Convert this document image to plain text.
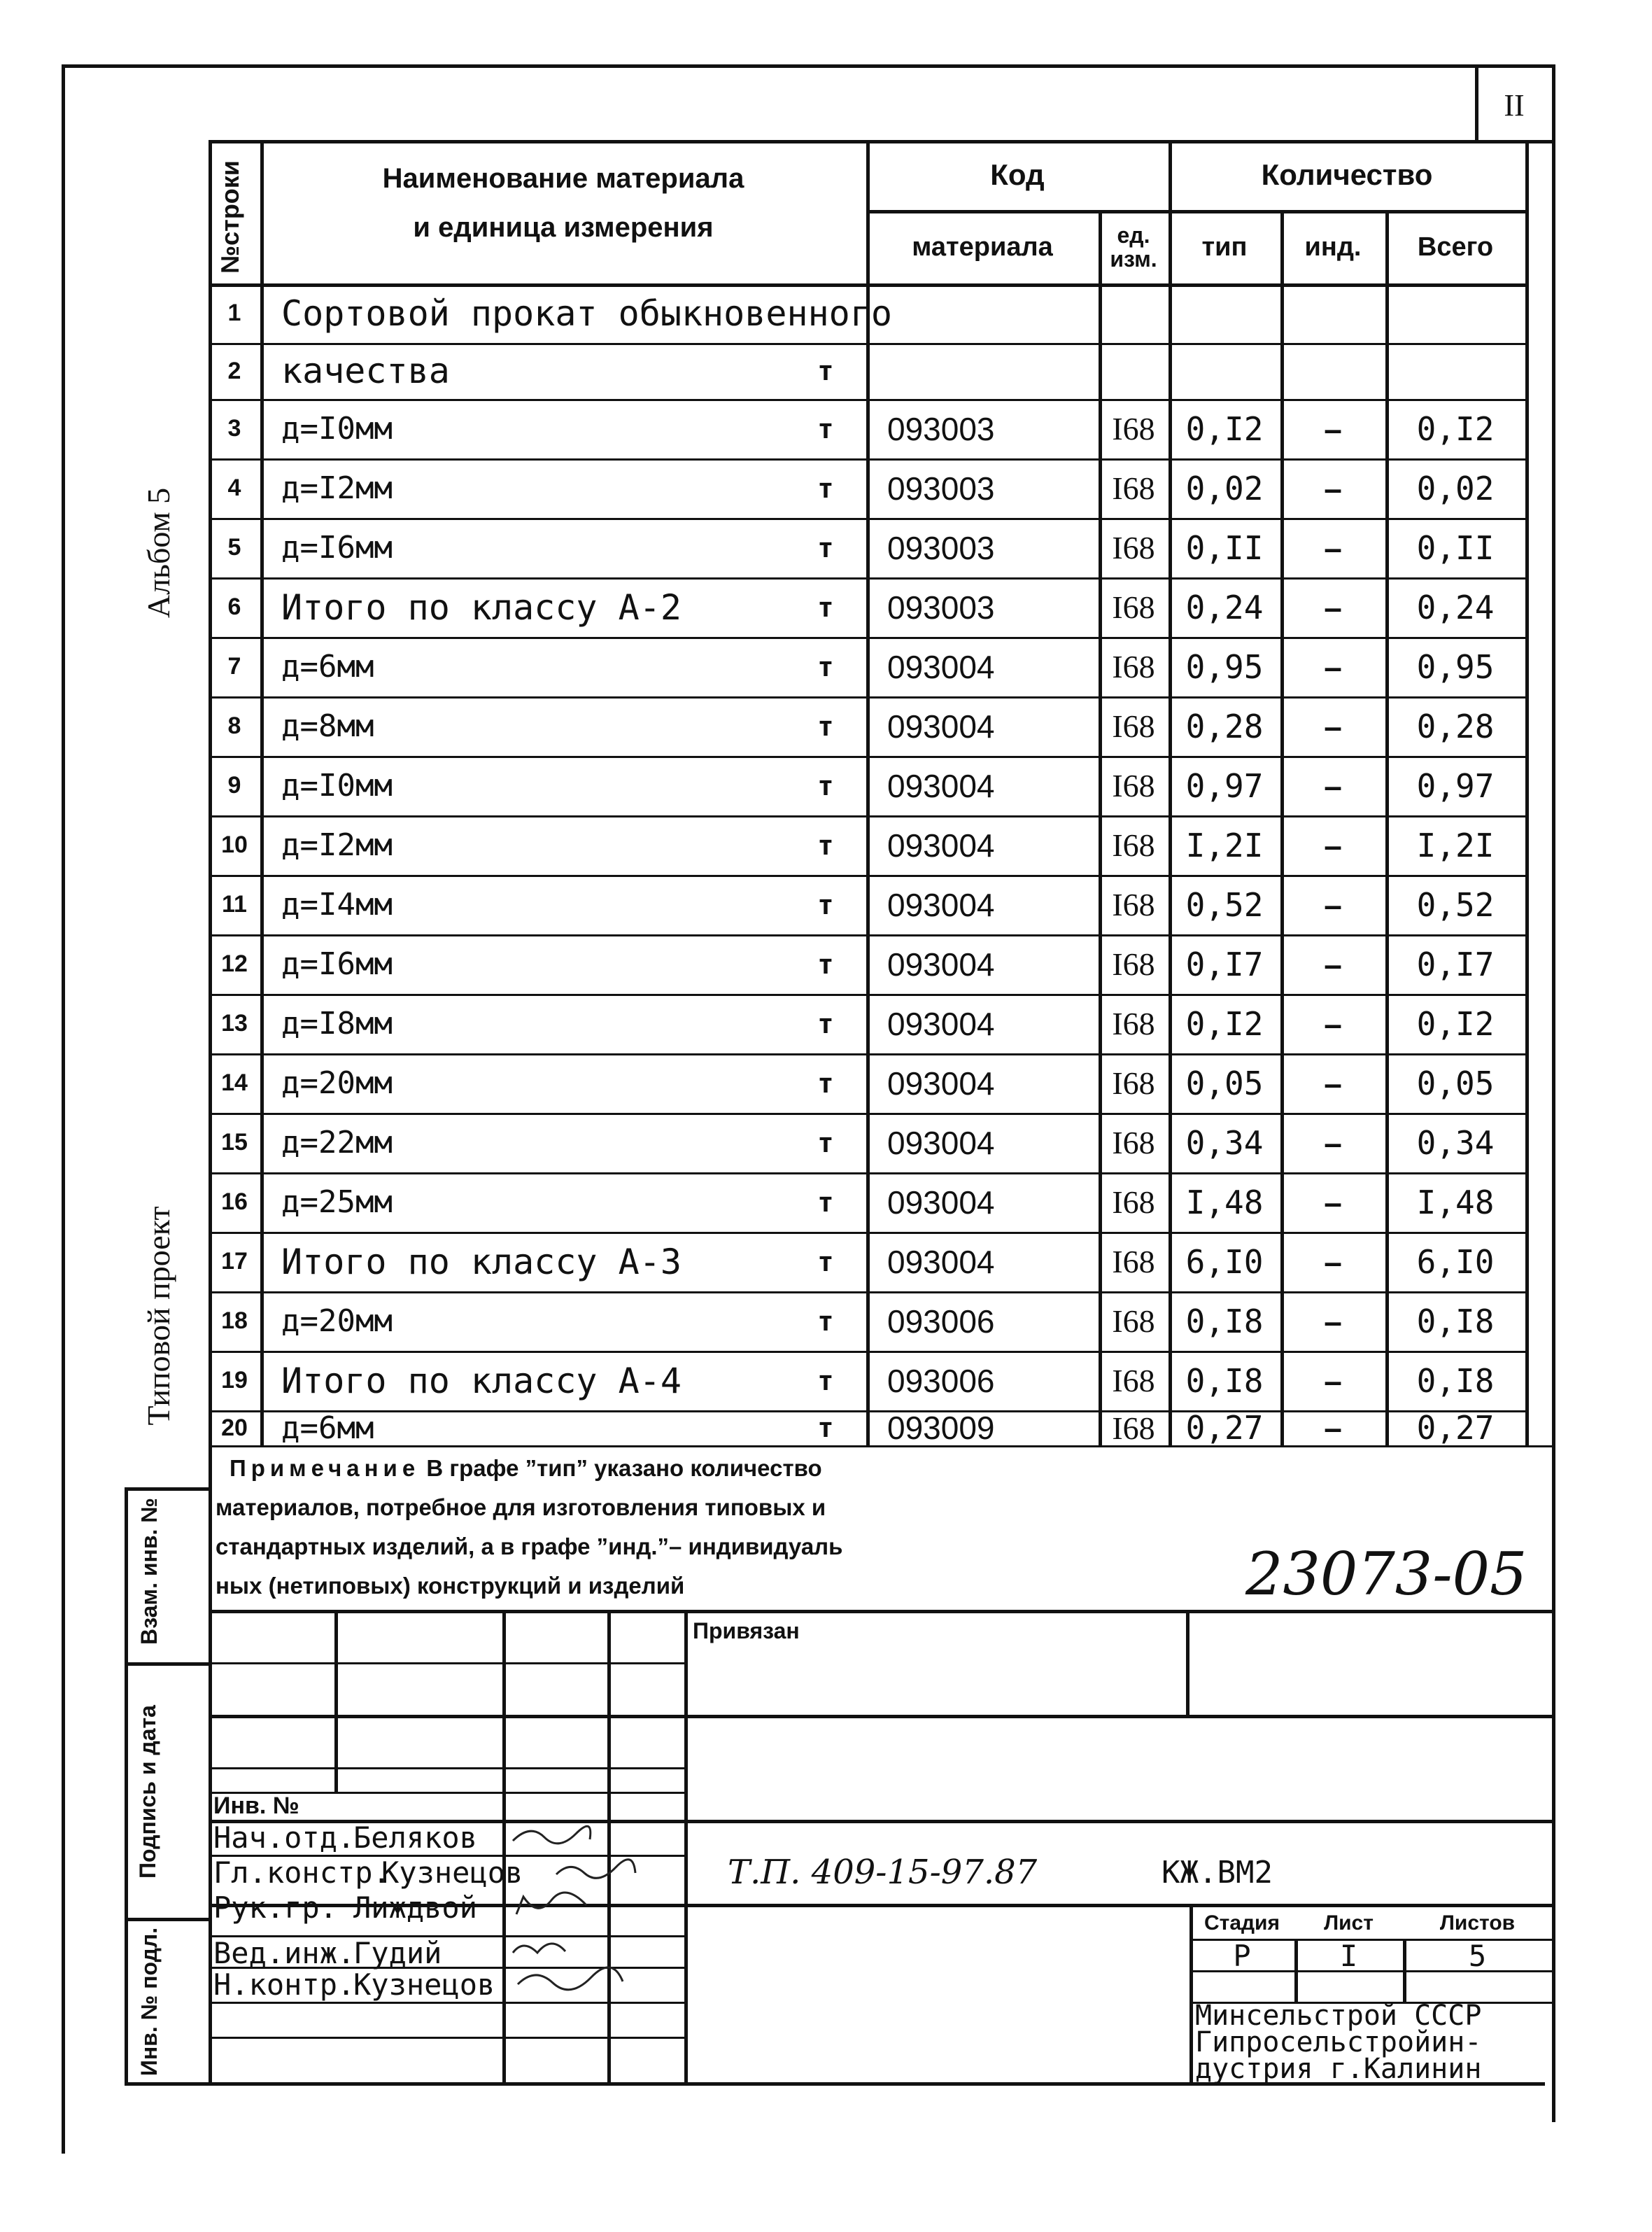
II
Альбом 5
Типовой проект
Взам. инв. №
Подпись и дата
Инв. № подл.
№строки	Наименование материала
и единица измерения
Код	Количество
материала	ед. изм.	тип	инд.	Всего
1	Сортовой прокат обыкновенного
2	качества	т
3	д=I0мм	т	093003	I68 0,I2	–	0,I2
4	д=I2мм	т	093003	I68 0,02	–	0,02
5	д=I6мм	т	093003	I68 0,II	–	0,II
6	Итого по классу А-2	т	093003	I68 0,24	–	0,24
7	д=6мм	т	093004	I68 0,95	–	0,95
8	д=8мм	т	093004	I68 0,28	–	0,28
9	д=I0мм	т	093004	I68 0,97	–	0,97
10	д=I2мм	т	093004	I68 I,2I	–	I,2I
11	д=I4мм	т	093004	I68 0,52	–	0,52
12	д=I6мм	т	093004	I68 0,I7	–	0,I7
13	д=I8мм	т	093004	I68 0,I2	–	0,I2
14	д=20мм	т	093004	I68 0,05	–	0,05
15	д=22мм	т	093004	I68 0,34	–	0,34
16	д=25мм	т	093004	I68 I,48	–	I,48
17 Итого по классу А-3	т	093004	I68 6,I0	–	6,I0
18	д=20мм	т	093006	I68 0,I8	–	0,I8
19 Итого по классу А-4	т	093006	I68 0,I8	–	0,I8
20	д=6мм	т	093009	I68 0,27	–	0,27
Примечание В графе ”тип” указано количество
материалов, потребное для изготовления типовых и
стандартных изделий, а в графе ”инд.”– индивидуаль
ных (нетиповых) конструкций и изделий	23073-05
Привязан
Инв. №
Нач.отд.
Беляков
Гл.констр.
Кузнецов
Рук.гр. Лиждвой
Вед.инж.
Гудий
Н.контр.
Кузнецов
Т.П. 409-15-97.87	КЖ.ВМ2
Стадия	Лист	Листов
Р	I	5
Минсельстрой СССР
Гипросельстройин-
дустрия г.Калинин
